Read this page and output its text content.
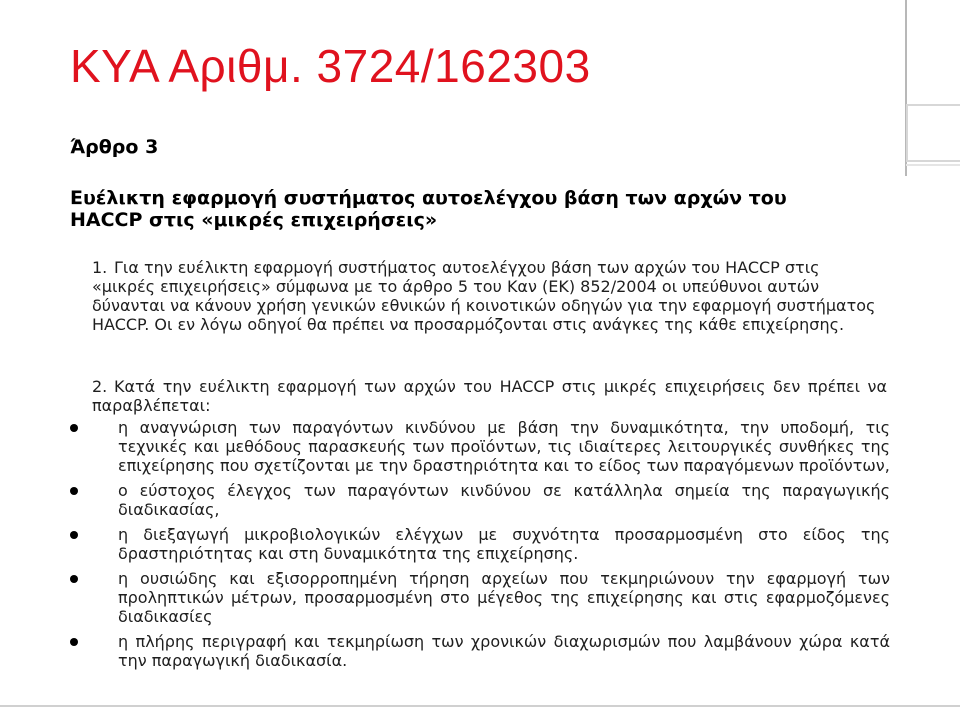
ΚΥΑ Αριθμ. 3724/162303

Άρθρο 3

Ευέλικτη εφαρμογή συστήματος αυτοελέγχου βάση των αρχών του HACCP στις «μικρές επιχειρήσεις»

1. Για την ευέλικτη εφαρμογή συστήματος αυτοελέγχου βάση των αρχών του HACCP στις «μικρές επιχειρήσεις» σύμφωνα με το άρθρο 5 του Καν (ΕΚ) 852/2004 οι υπεύθυνοι αυτών δύνανται να κάνουν χρήση γενικών εθνικών ή κοινοτικών οδηγών για την εφαρμογή συστήματος HACCP. Οι εν λόγω οδηγοί θα πρέπει να προσαρμόζονται στις ανάγκες της κάθε επιχείρησης.

2. Κατά την ευέλικτη εφαρμογή των αρχών του HACCP στις μικρές επιχειρήσεις δεν πρέπει να παραβλέπεται:

η αναγνώριση των παραγόντων κινδύνου με βάση την δυναμικότητα, την υποδομή, τις τεχνικές και μεθόδους παρασκευής των προϊόντων, τις ιδιαίτερες λειτουργικές συνθήκες της επιχείρησης που σχετίζονται με την δραστηριότητα και το είδος των παραγόμενων προϊόντων,
ο εύστοχος έλεγχος των παραγόντων κινδύνου σε κατάλληλα σημεία της παραγωγικής διαδικασίας,
η διεξαγωγή μικροβιολογικών ελέγχων με συχνότητα προσαρμοσμένη στο είδος της δραστηριότητας και στη δυναμικότητα της επιχείρησης.
η ουσιώδης και εξισορροπημένη τήρηση αρχείων που τεκμηριώνουν την εφαρμογή των προληπτικών μέτρων, προσαρμοσμένη στο μέγεθος της επιχείρησης και στις εφαρμοζόμενες διαδικασίες
η πλήρης περιγραφή και τεκμηρίωση των χρονικών διαχωρισμών που λαμβάνουν χώρα κατά την παραγωγική διαδικασία.
